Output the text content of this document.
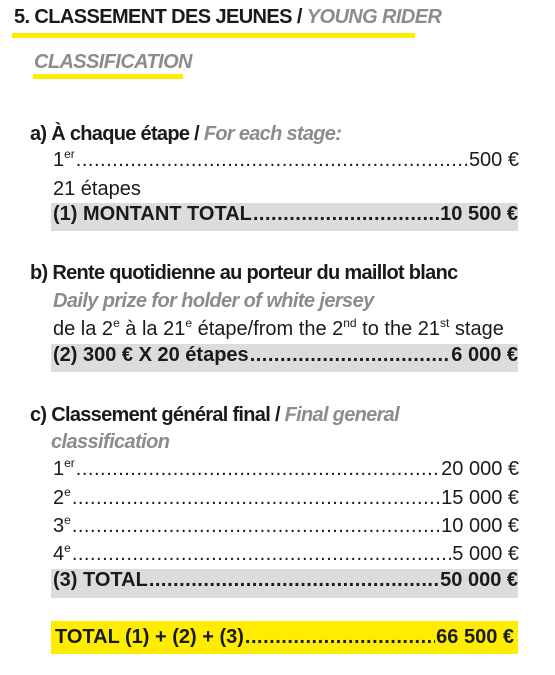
5. CLASSEMENT DES JEUNES / YOUNG RIDER
CLASSIFICATION
a) À chaque étape / For each stage:
1er .....	500 €
21 étapes
(1) MONTANT TOTAL .....	10 500 €
b) Rente quotidienne au porteur du maillot blanc
Daily prize for holder of white jersey
de la 2e à la 21e étape/from the 2nd to the 21st stage
(2) 300 € X 20 étapes .....	6 000 €
c) Classement général final / Final general
classification
1er .....	20 000 €
2e .....	15 000 €
3e .....	10 000 €
4e .....	5 000 €
(3) TOTAL .....	50 000 €
TOTAL (1) + (2) + (3) .....	66 500 €
